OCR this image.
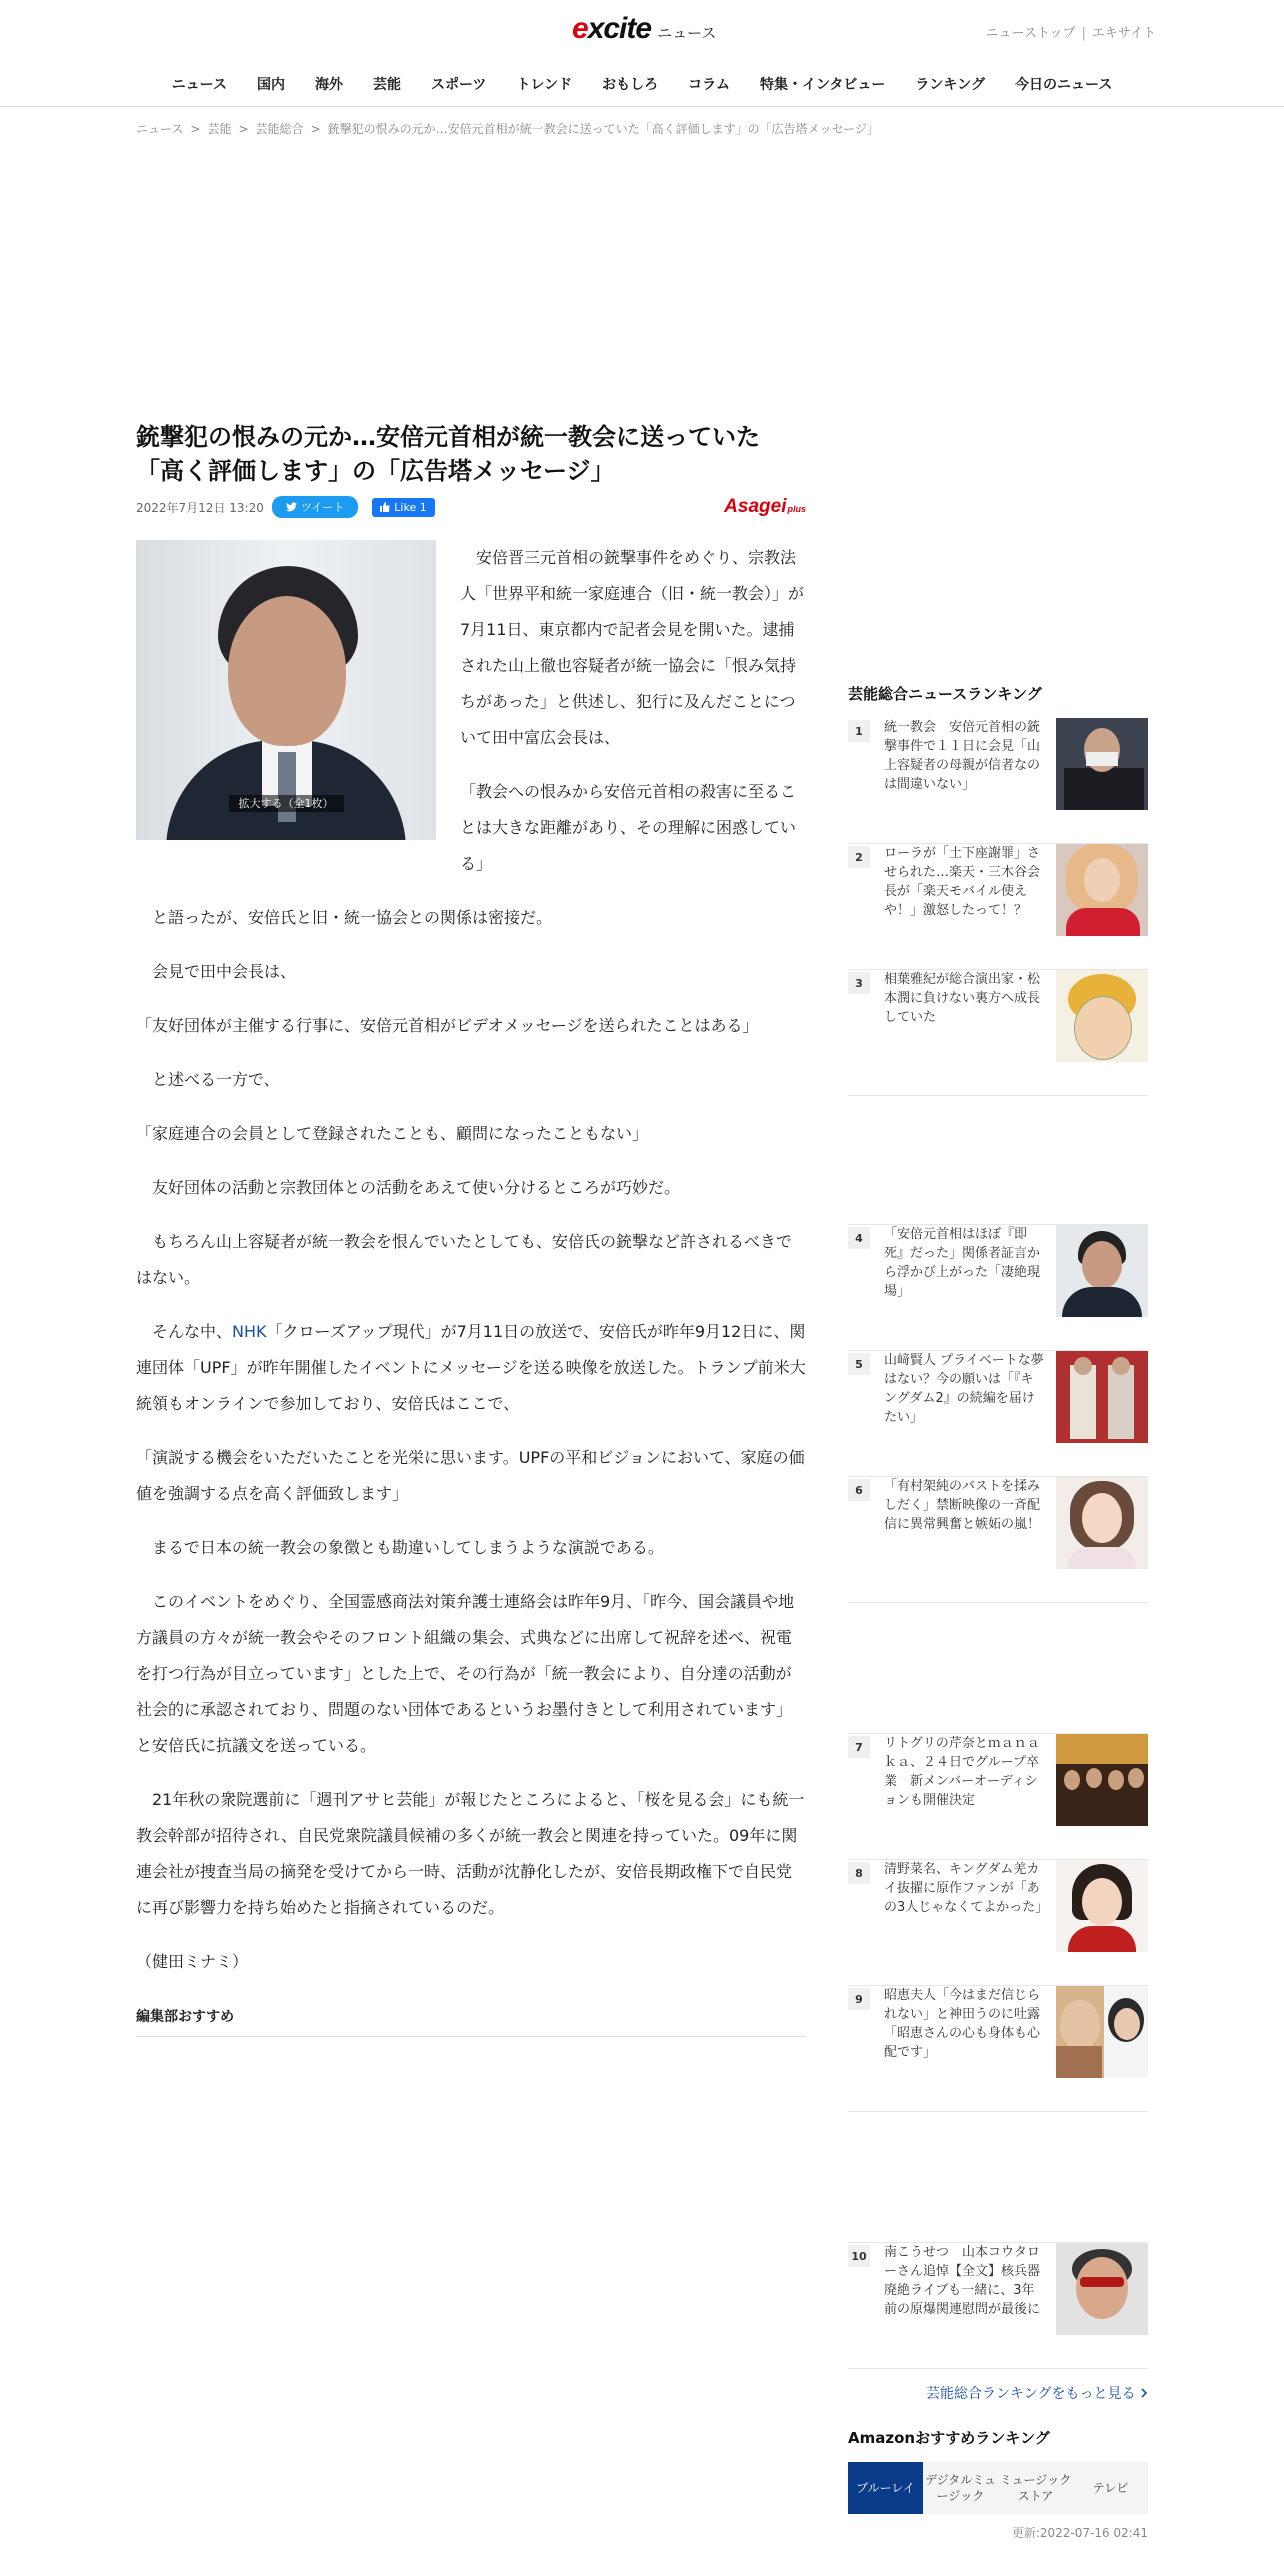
excite ニュース	ニューストップ | エキサイト
ニュース	国内	海外	芸能	スポーツ	トレンド	おもしろ	コラム	特集・インタビュー	ランキング	今日のニュース
ニュース > 芸能 > 芸能総合 > 銃撃犯の恨みの元か…安倍元首相が統一教会に送っていた「高く評価します」の「広告塔メッセージ」
銃撃犯の恨みの元か…安倍元首相が統一教会に送っていた
「高く評価します」の「広告塔メッセージ」
2022年7月12日 13:20	ツイート	Like 1	Asageiplus
拡大する（全1枚）

　安倍晋三元首相の銃撃事件をめぐり、宗教法人「世界平和統一家庭連合（旧・統一教会）」が7月11日、東京都内で記者会見を開いた。逮捕された山上徹也容疑者が統一協会に「恨み気持ちがあった」と供述し、犯行に及んだことについて田中富広会長は、

「教会への恨みから安倍元首相の殺害に至ることは大きな距離があり、その理解に困惑している」

　と語ったが、安倍氏と旧・統一協会との関係は密接だ。

　会見で田中会長は、

「友好団体が主催する行事に、安倍元首相がビデオメッセージを送られたことはある」

　と述べる一方で、

「家庭連合の会員として登録されたことも、顧問になったこともない」

　友好団体の活動と宗教団体との活動をあえて使い分けるところが巧妙だ。

　もちろん山上容疑者が統一教会を恨んでいたとしても、安倍氏の銃撃など許されるべきではない。

　そんな中、NHK「クローズアップ現代」が7月11日の放送で、安倍氏が昨年9月12日に、関連団体「UPF」が昨年開催したイベントにメッセージを送る映像を放送した。トランプ前米大統領もオンラインで参加しており、安倍氏はここで、

「演説する機会をいただいたことを光栄に思います。UPFの平和ビジョンにおいて、家庭の価値を強調する点を高く評価致します」

　まるで日本の統一教会の象徴とも勘違いしてしまうような演説である。

　このイベントをめぐり、全国霊感商法対策弁護士連絡会は昨年9月、「昨今、国会議員や地方議員の方々が統一教会やそのフロント組織の集会、式典などに出席して祝辞を述べ、祝電を打つ行為が目立っています」とした上で、その行為が「統一教会により、自分達の活動が社会的に承認されており、問題のない団体であるというお墨付きとして利用されています」と安倍氏に抗議文を送っている。

　21年秋の衆院選前に「週刊アサヒ芸能」が報じたところによると、「桜を見る会」にも統一教会幹部が招待され、自民党衆院議員候補の多くが統一教会と関連を持っていた。09年に関連会社が捜査当局の摘発を受けてから一時、活動が沈静化したが、安倍長期政権下で自民党に再び影響力を持ち始めたと指摘されているのだ。

（健田ミナミ）

編集部おすすめ
芸能総合ニュースランキング
1	統一教会　安倍元首相の銃撃事件で１１日に会見「山上容疑者の母親が信者なのは間違いない」
2	ローラが「土下座謝罪」させられた…楽天・三木谷会長が「楽天モバイル使えや！」激怒したって！？
3	相葉雅紀が総合演出家・松本潤に負けない裏方へ成長していた
4	「安倍元首相はほぼ『即死』だった」関係者証言から浮かび上がった「凄絶現場」
5	山﨑賢人 プライベートな夢はない？今の願いは「『キングダム2』の続編を届けたい」
6	「有村架純のバストを揉みしだく」禁断映像の一斉配信に異常興奮と嫉妬の嵐！
7	リトグリの芹奈とｍａｎａｋａ、２４日でグループ卒業　新メンバーオーディションも開催決定
8	清野菜名、キングダム羌カイ抜擢に原作ファンが「あの3人じゃなくてよかった」
9	昭恵夫人「今はまだ信じられない」と神田うのに吐露　「昭恵さんの心も身体も心配です」
10 南こうせつ　山本コウタローさん追悼【全文】核兵器廃絶ライブも一緒に、3年前の原爆関連慰問が最後に
芸能総合ランキングをもっと見る
Amazonおすすめランキング
ブルーレイ
デジタルミュージック
ミュージックストア
テレビ
更新:2022-07-16 02:41
